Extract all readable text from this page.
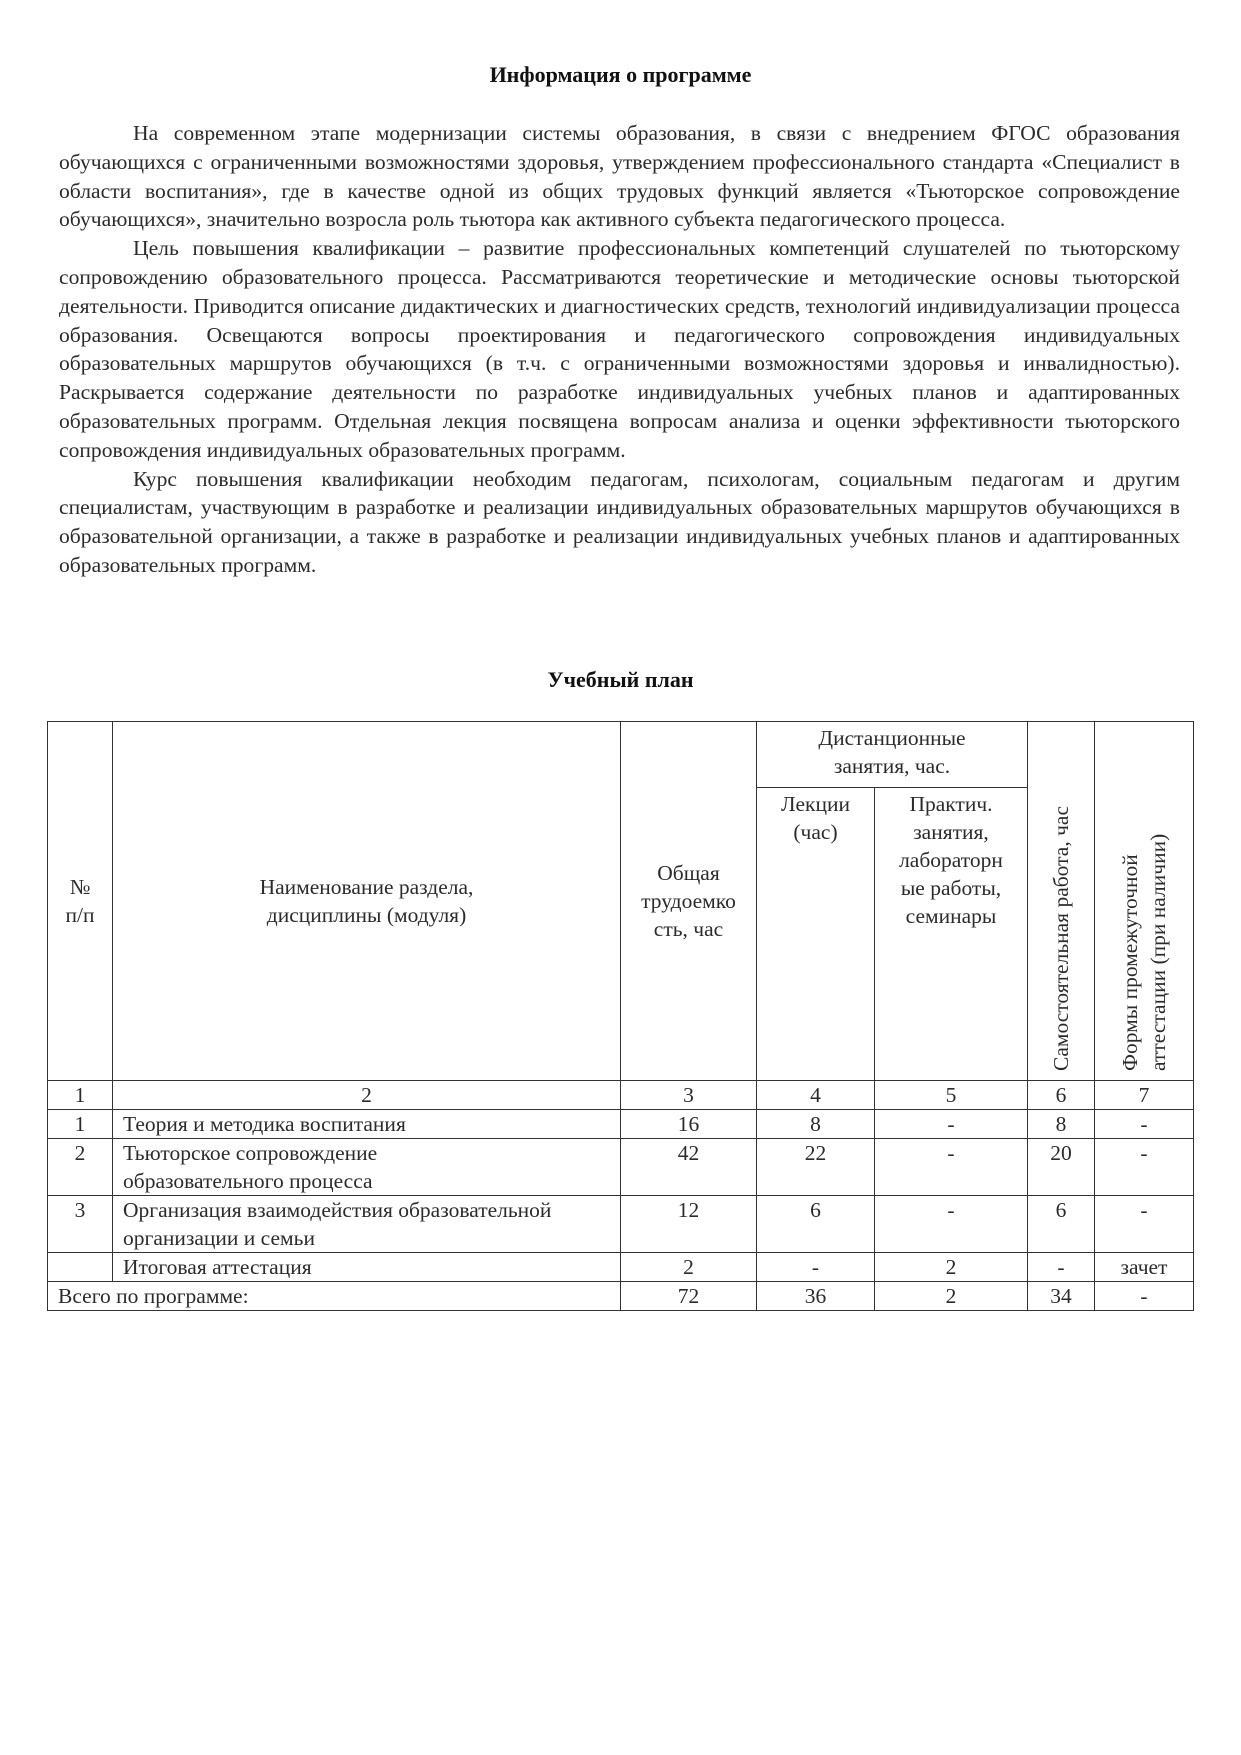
Информация о программе

На современном этапе модернизации системы образования, в связи с внедрением ФГОС образования обучающихся с ограниченными возможностями здоровья, утверждением профессионального стандарта «Специалист в области воспитания», где в качестве одной из общих трудовых функций является «Тьюторское сопровождение обучающихся», значительно возросла роль тьютора как активного субъекта педагогического процесса.

Цель повышения квалификации – развитие профессиональных компетенций слушателей по тьюторскому сопровождению образовательного процесса. Рассматриваются теоретические и методические основы тьюторской деятельности. Приводится описание дидактических и диагностических средств, технологий индивидуализации процесса образования. Освещаются вопросы проектирования и педагогического сопровождения индивидуальных образовательных маршрутов обучающихся (в т.ч. с ограниченными возможностями здоровья и инвалидностью). Раскрывается содержание деятельности по разработке индивидуальных учебных планов и адаптированных образовательных программ. Отдельная лекция посвящена вопросам анализа и оценки эффективности тьюторского сопровождения индивидуальных образовательных программ.

Курс повышения квалификации необходим педагогам, психологам, социальным педагогам и другим специалистам, участвующим в разработке и реализации индивидуальных образовательных маршрутов обучающихся в образовательной организации, а также в разработке и реализации индивидуальных учебных планов и адаптированных образовательных программ.

Учебный план
№ п/п	Наименование раздела, дисциплины (модуля)	Общая трудоемко сть, час	Дистанционные занятия, час.		Самостоятельная работа, час	Формы промежуточной аттестации (при наличии)
			Лекции (час)	Практич. занятия, лабораторн ые работы, семинары		
1	2	3	4	5	6	7
1	Теория и методика воспитания	16	8	-	8	-
2	Тьюторское сопровождение образовательного процесса	42	22	-	20	-
3	Организация взаимодействия образовательной организации и семьи	12	6	-	6	-
	Итоговая аттестация	2	-	2	-	зачет
Всего по программе:		72	36	2	34	-
